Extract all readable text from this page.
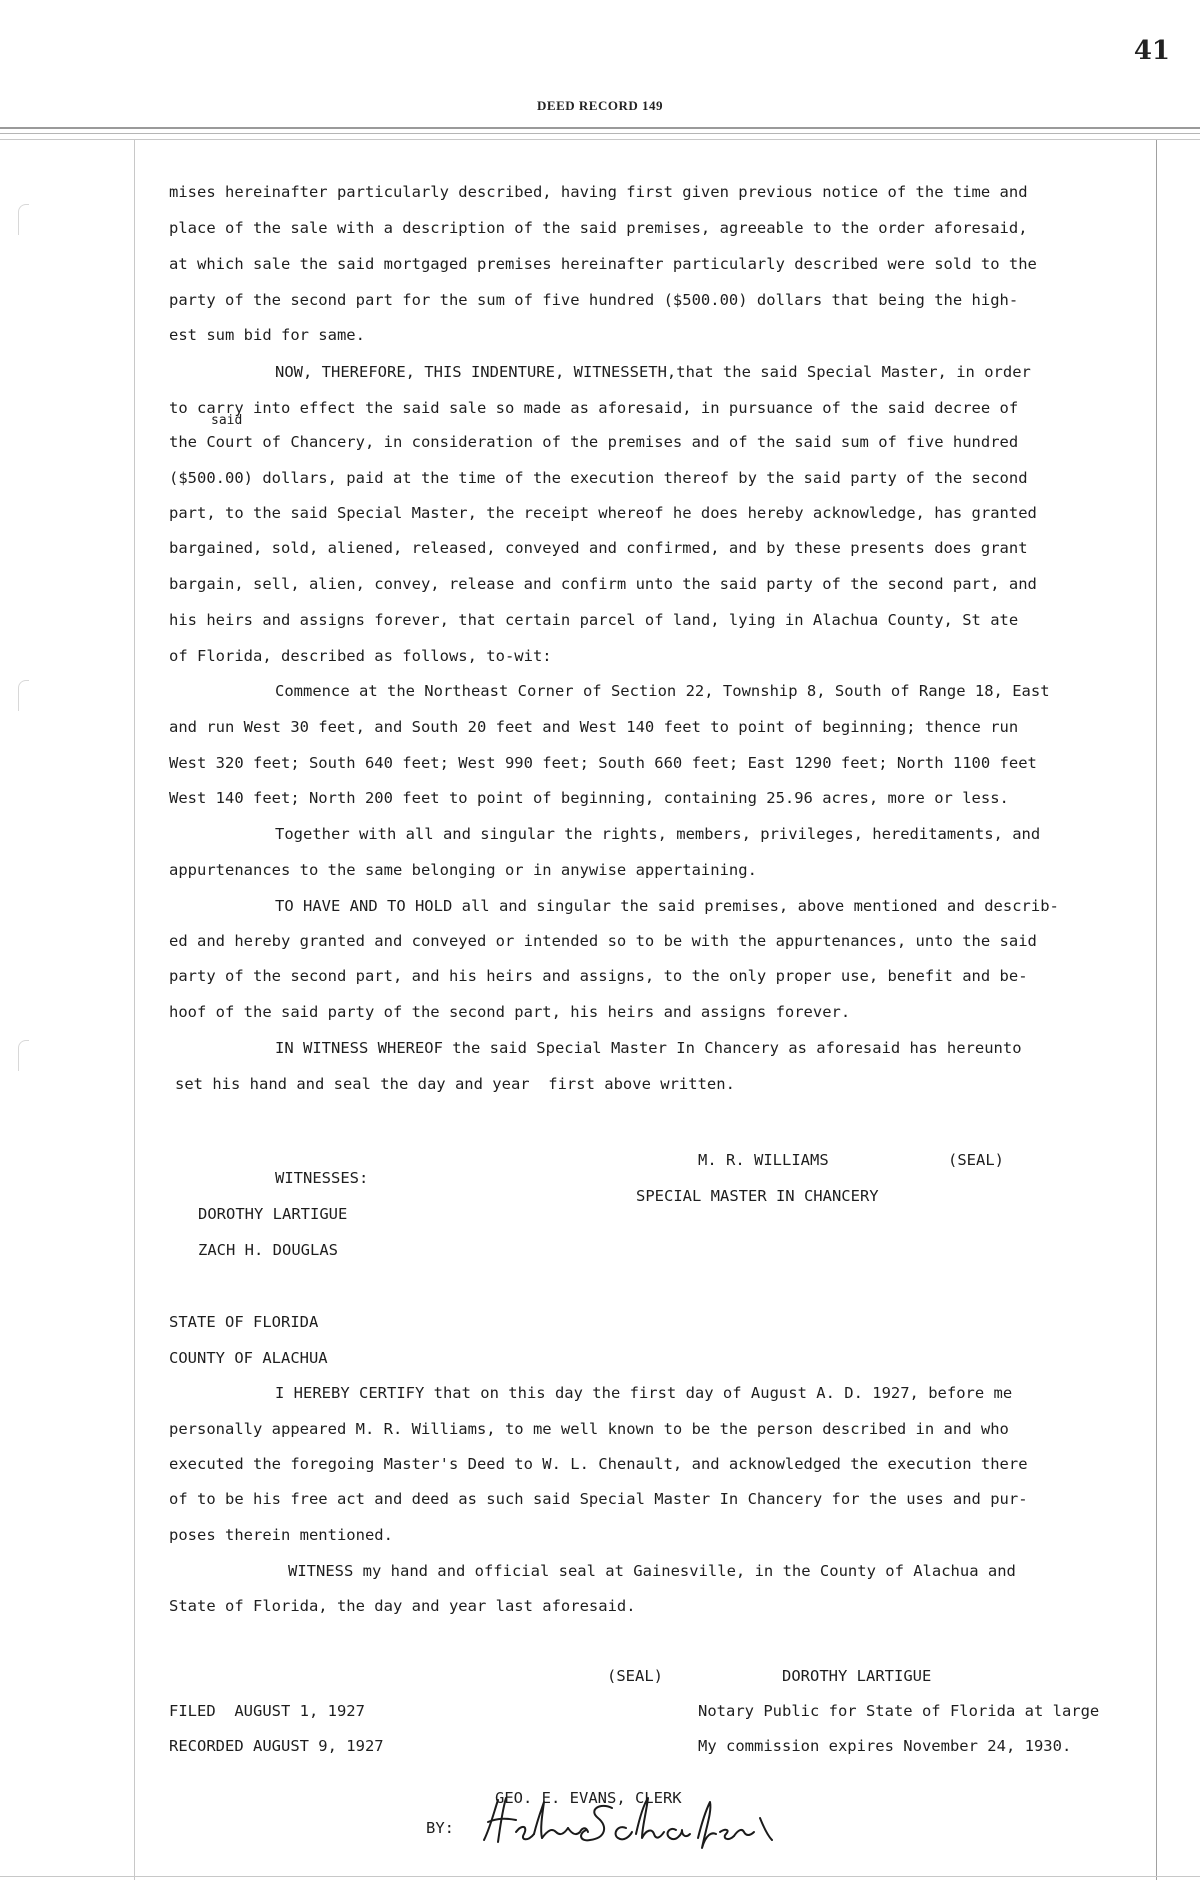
41
DEED RECORD 149
mises hereinafter particularly described, having first given previous notice of the time and
place of the sale with a description of the said premises, agreeable to the order aforesaid,
at which sale the said mortgaged premises hereinafter particularly described were sold to the
party of the second part for the sum of five hundred ($500.00) dollars that being the high-
est sum bid for same.
NOW, THEREFORE, THIS INDENTURE, WITNESSETH,that the said Special Master, in order
to carry into effect the said sale so made as aforesaid, in pursuance of the said decree of
said
the Court of Chancery, in consideration of the premises and of the said sum of five hundred
($500.00) dollars, paid at the time of the execution thereof by the said party of the second
part, to the said Special Master, the receipt whereof he does hereby acknowledge, has granted
bargained, sold, aliened, released, conveyed and confirmed, and by these presents does grant
bargain, sell, alien, convey, release and confirm unto the said party of the second part, and
his heirs and assigns forever, that certain parcel of land, lying in Alachua County, St ate
of Florida, described as follows, to-wit:
Commence at the Northeast Corner of Section 22, Township 8, South of Range 18, East
and run West 30 feet, and South 20 feet and West 140 feet to point of beginning; thence run
West 320 feet; South 640 feet; West 990 feet; South 660 feet; East 1290 feet; North 1100 feet
West 140 feet; North 200 feet to point of beginning, containing 25.96 acres, more or less.
Together with all and singular the rights, members, privileges, hereditaments, and
appurtenances to the same belonging or in anywise appertaining.
TO HAVE AND TO HOLD all and singular the said premises, above mentioned and describ-
ed and hereby granted and conveyed or intended so to be with the appurtenances, unto the said
party of the second part, and his heirs and assigns, to the only proper use, benefit and be-
hoof of the said party of the second part, his heirs and assigns forever.
IN WITNESS WHEREOF the said Special Master In Chancery as aforesaid has hereunto
set his hand and seal the day and year  first above written.
M. R. WILLIAMS	(SEAL)
WITNESSES:
SPECIAL MASTER IN CHANCERY
DOROTHY LARTIGUE
ZACH H. DOUGLAS
STATE OF FLORIDA
COUNTY OF ALACHUA
I HEREBY CERTIFY that on this day the first day of August A. D. 1927, before me
personally appeared M. R. Williams, to me well known to be the person described in and who
executed the foregoing Master's Deed to W. L. Chenault, and acknowledged the execution there
of to be his free act and deed as such said Special Master In Chancery for the uses and pur-
poses therein mentioned.
WITNESS my hand and official seal at Gainesville, in the County of Alachua and
State of Florida, the day and year last aforesaid.
(SEAL)	DOROTHY LARTIGUE
FILED  AUGUST 1, 1927	Notary Public for State of Florida at large
RECORDED AUGUST 9, 1927	My commission expires November 24, 1930.
GEO. E. EVANS, CLERK
BY:
